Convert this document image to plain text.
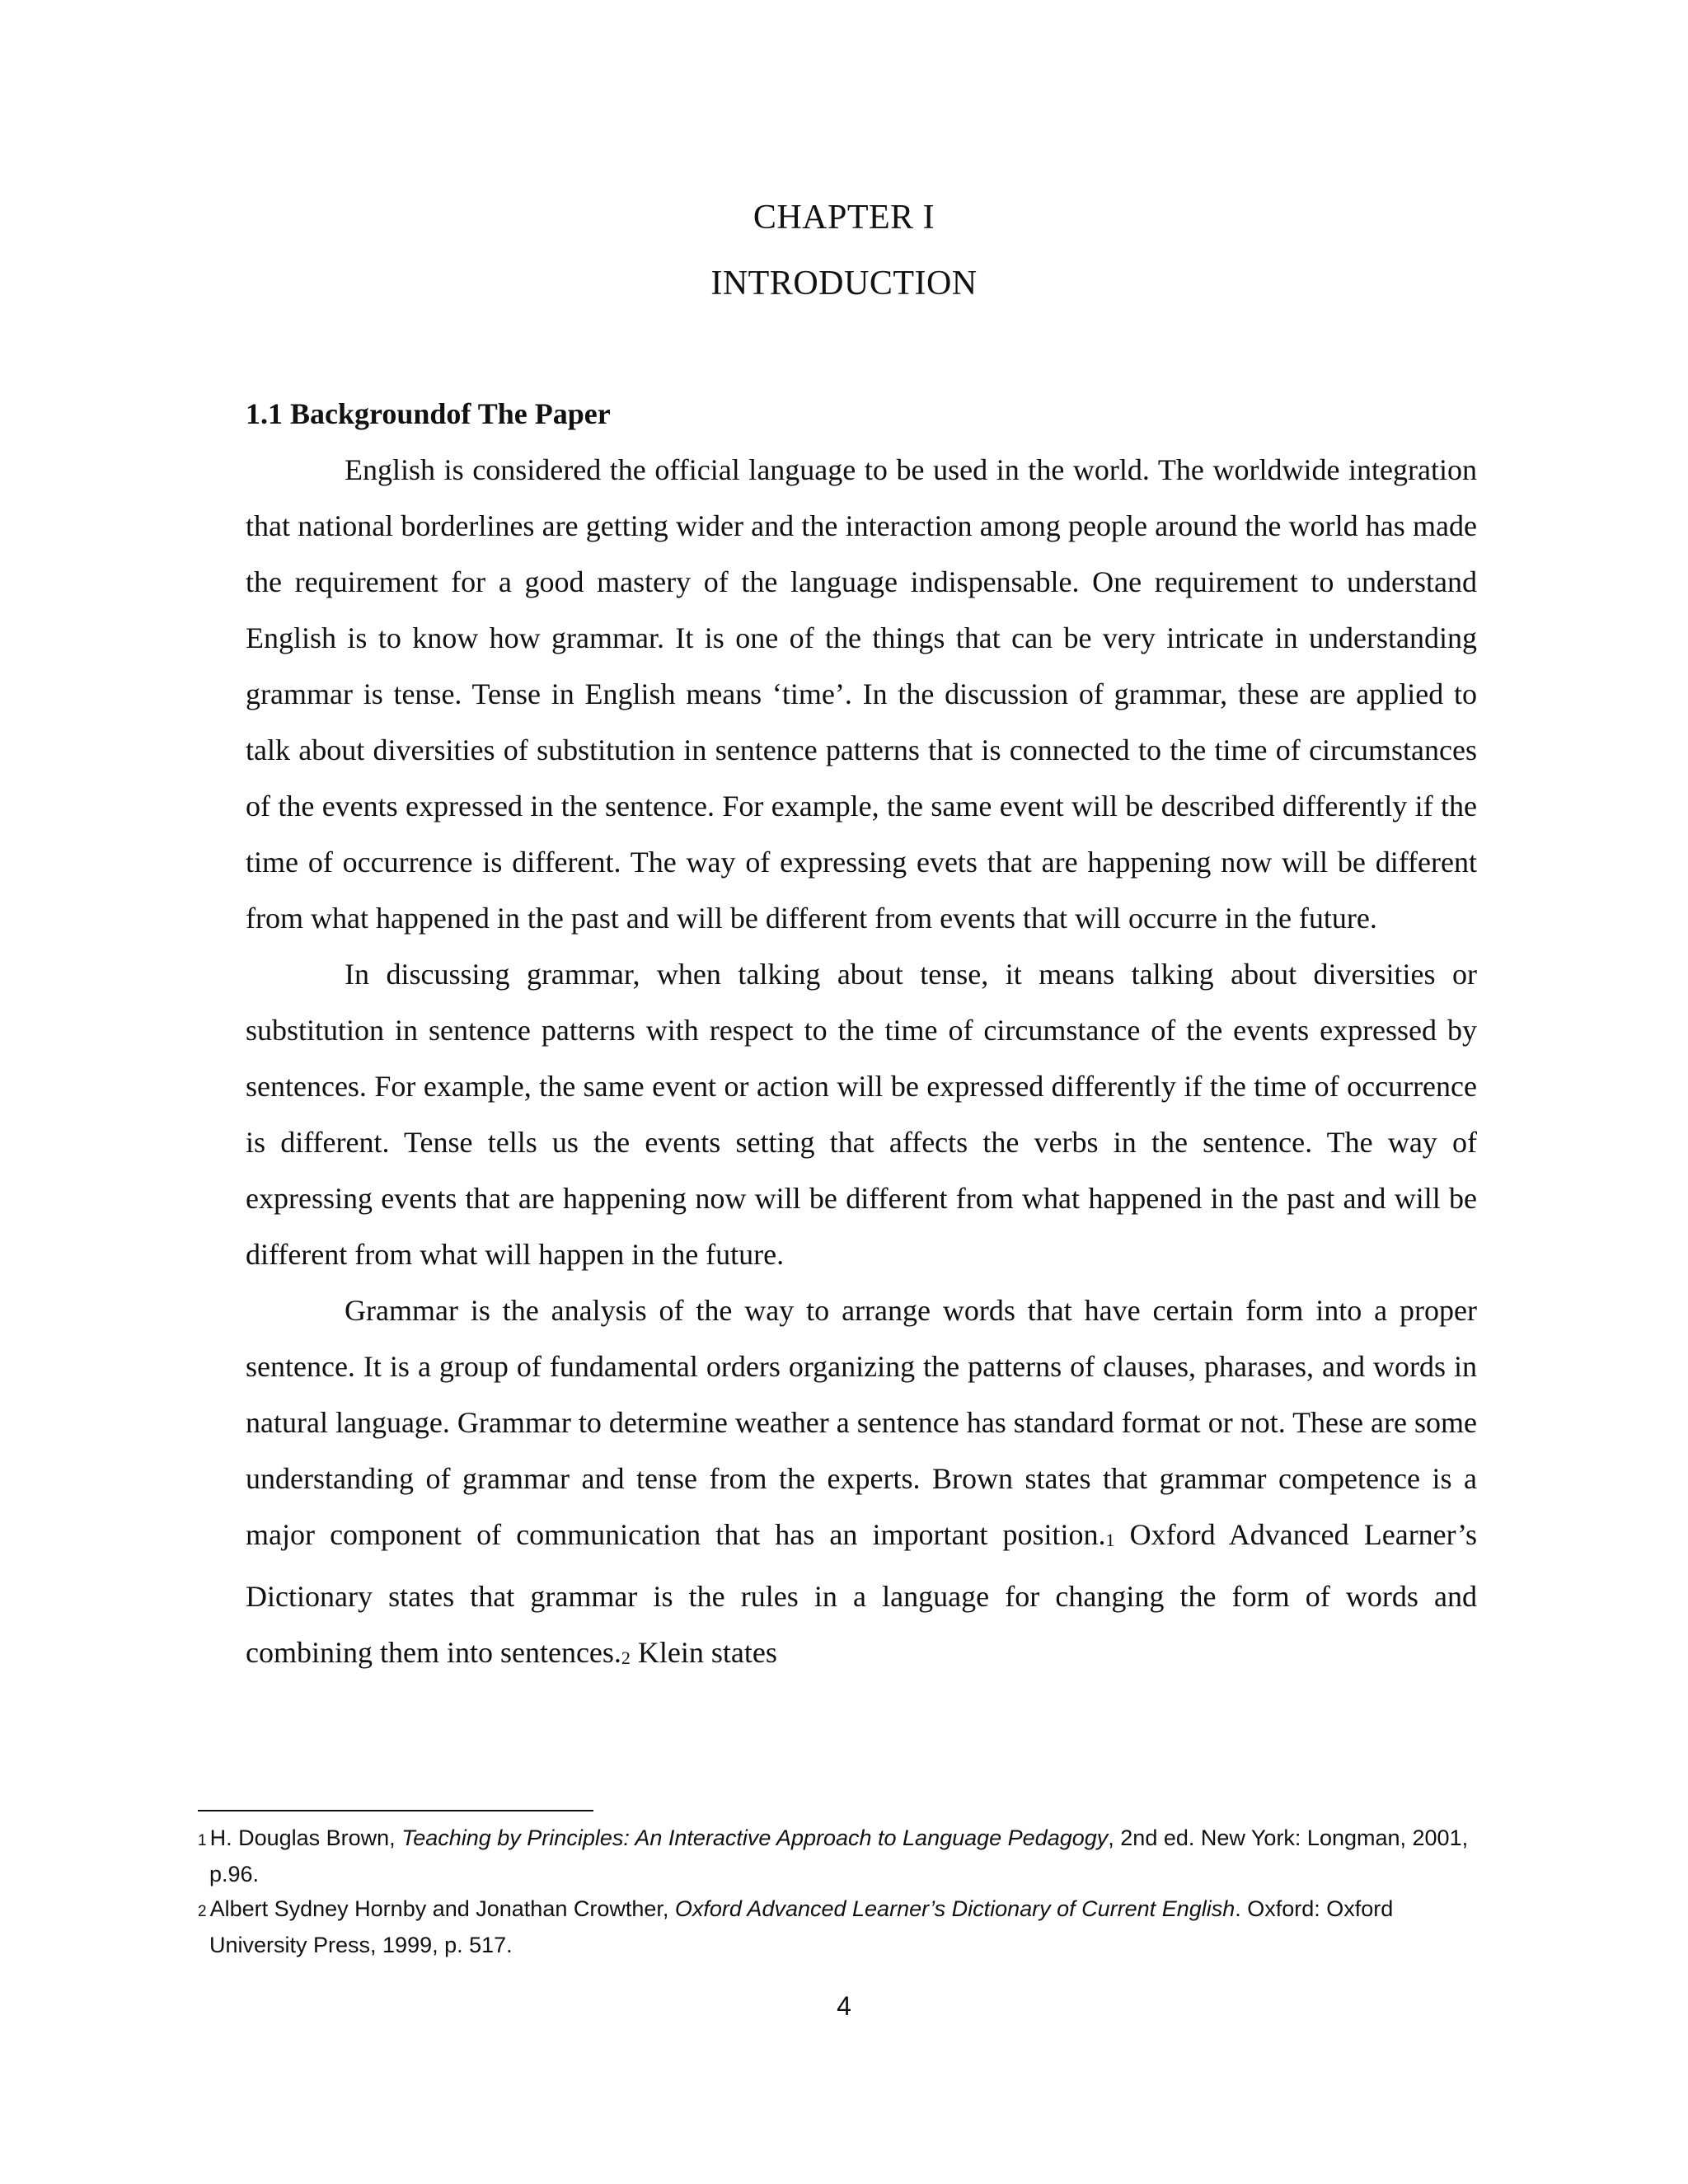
CHAPTER I
INTRODUCTION

1.1 Backgroundof The Paper

English is considered the official language to be used in the world. The worldwide integration that national borderlines are getting wider and the interaction among people around the world has made the requirement for a good mastery of the language indispensable. One requirement to understand English is to know how grammar. It is one of the things that can be very intricate in understanding grammar is tense. Tense in English means ‘time’. In the discussion of grammar, these are applied to talk about diversities of substitution in sentence patterns that is connected to the time of circumstances of the events expressed in the sentence. For example, the same event will be described differently if the time of occurrence is different. The way of expressing evets that are happening now will be different from what happened in the past and will be different from events that will occurre in the future.

In discussing grammar, when talking about tense, it means talking about diversities or substitution in sentence patterns with respect to the time of circumstance of the events expressed by sentences. For example, the same event or action will be expressed differently if the time of occurrence is different. Tense tells us the events setting that affects the verbs in the sentence. The way of expressing events that are happening now will be different from what happened in the past and will be different from what will happen in the future.

Grammar is the analysis of the way to arrange words that have certain form into a proper sentence. It is a group of fundamental orders organizing the patterns of clauses, pharases, and words in natural language. Grammar to determine weather a sentence has standard format or not. These are some understanding of grammar and tense from the experts. Brown states that grammar competence is a major component of communication that has an important position.1 Oxford Advanced Learner’s Dictionary states that grammar is the rules in a language for changing the form of words and combining them into sentences.2 Klein states

1 H. Douglas Brown, Teaching by Principles: An Interactive Approach to Language Pedagogy, 2nd ed. New York: Longman, 2001, p.96.

2 Albert Sydney Hornby and Jonathan Crowther, Oxford Advanced Learner’s Dictionary of Current English. Oxford: Oxford University Press, 1999, p. 517.

4
